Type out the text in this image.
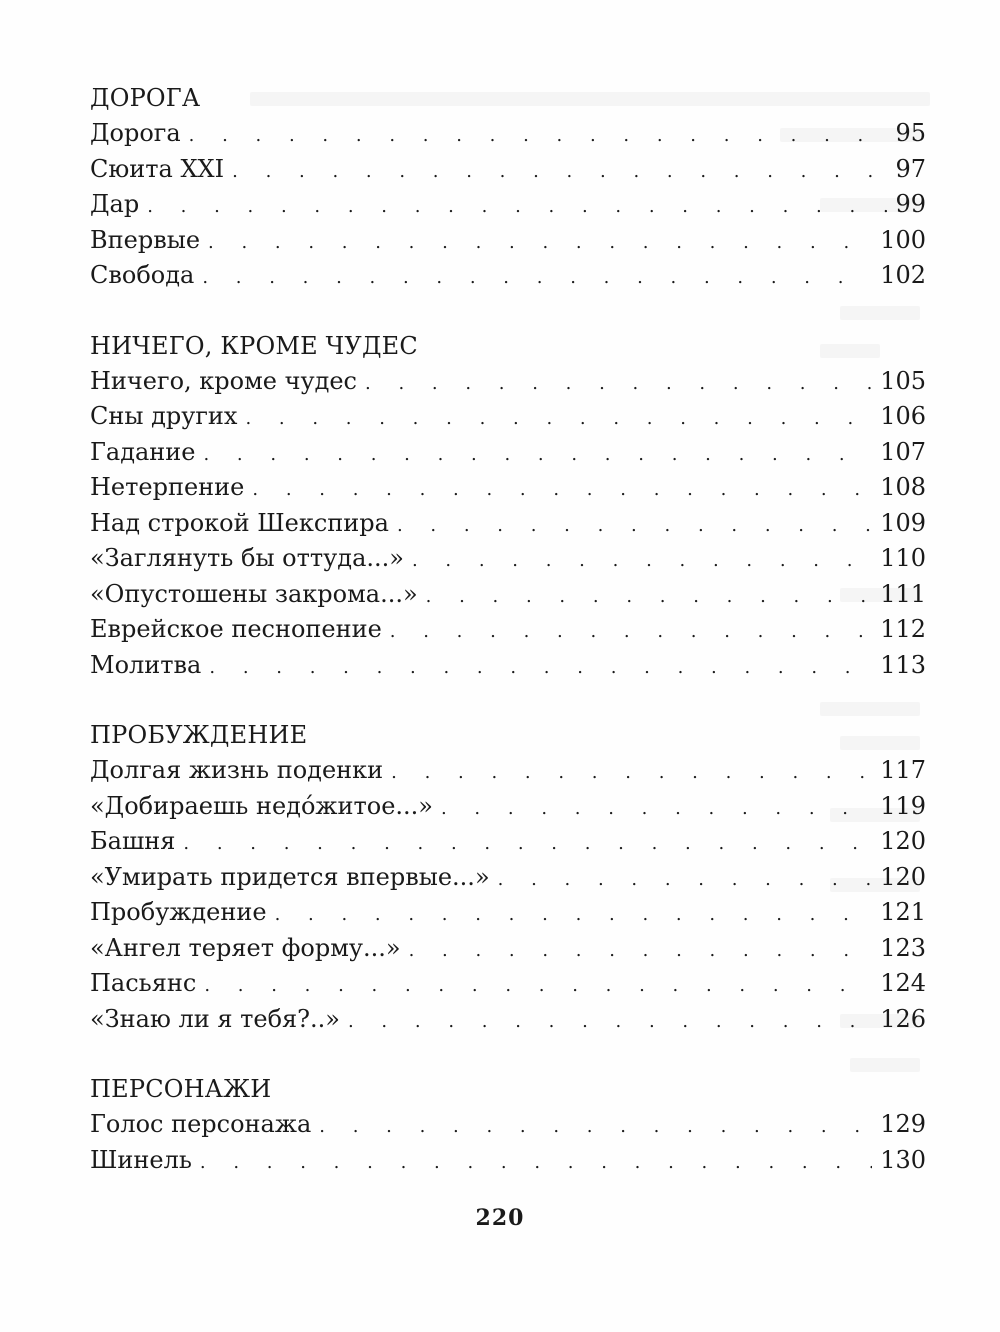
ДОРОГА
Дорога . . .	95
Сюита XXI . . .	97
Дар . . .	99
Впервые . . .	100
Свобода . . .	102
НИЧЕГО, КРОМЕ ЧУДЕС
Ничего, кроме чудес . . .	105
Сны других . . .	106
Гадание . . .	107
Нетерпение . . .	108
Над строкой Шекспира . . .	109
«Заглянуть бы оттуда...» . . .	110
«Опустошены закрома...» . . .	111
Еврейское песнопение . . .	112
Молитва . . .	113
ПРОБУЖДЕНИЕ
Долгая жизнь поденки . . .	117
«Добираешь недóжитое...» . . .	119
Башня . . .	120
«Умирать придется впервые...» . . .	120
Пробуждение . . .	121
«Ангел теряет форму...» . . .	123
Пасьянс . . .	124
«Знаю ли я тебя?..» . . .	126
ПЕРСОНАЖИ
Голос персонажа . . .	129
Шинель . . .	130
220
